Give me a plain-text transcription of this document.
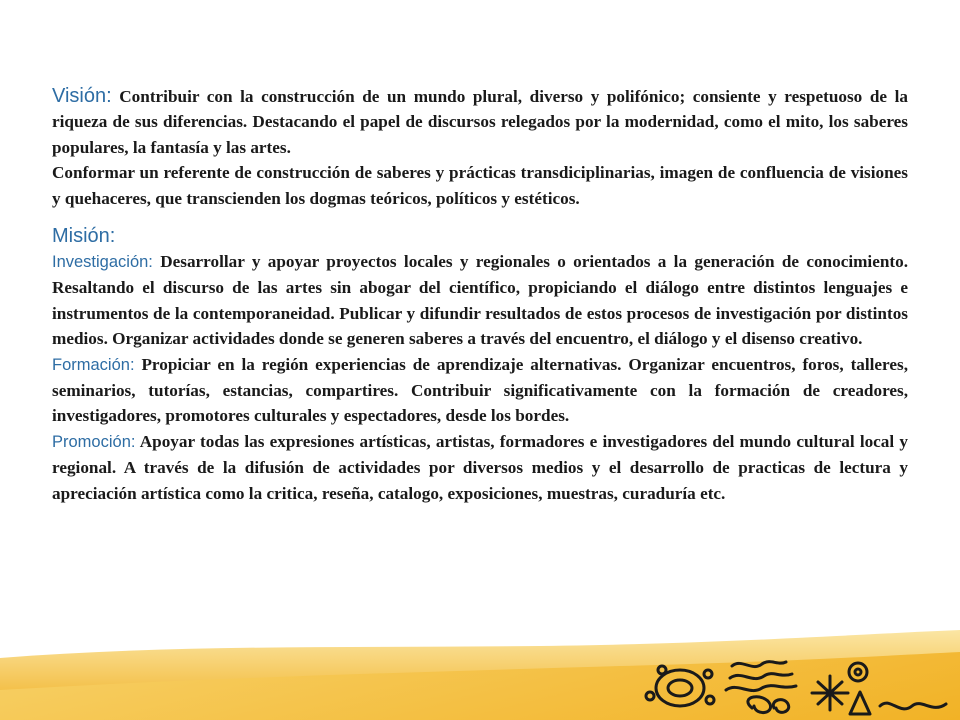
Visión: Contribuir con la construcción de un mundo plural, diverso y polifónico; consiente y respetuoso de la riqueza de sus diferencias. Destacando el papel de discursos relegados por la modernidad, como el mito, los saberes populares, la fantasía y las artes.

Conformar un referente de construcción de saberes y prácticas transdiciplinarias, imagen de confluencia de visiones y quehaceres, que transcienden los dogmas teóricos, políticos y estéticos.

Misión:

Investigación: Desarrollar y apoyar proyectos locales y regionales o orientados a la generación de conocimiento. Resaltando el discurso de las artes sin abogar del científico, propiciando el diálogo entre distintos lenguajes e instrumentos de la contemporaneidad. Publicar y difundir resultados de estos procesos de investigación por distintos medios. Organizar actividades donde se generen saberes a través del encuentro, el diálogo y el disenso creativo.

Formación: Propiciar en la región experiencias de aprendizaje alternativas. Organizar encuentros, foros, talleres, seminarios, tutorías, estancias, compartires. Contribuir significativamente con la formación de creadores, investigadores, promotores culturales y espectadores, desde los bordes.

Promoción: Apoyar todas las expresiones artísticas, artistas, formadores e investigadores del mundo cultural local y regional. A través de la difusión de actividades por diversos medios y el desarrollo de practicas de lectura y apreciación artística como la critica, reseña, catalogo, exposiciones, muestras, curaduría etc.
